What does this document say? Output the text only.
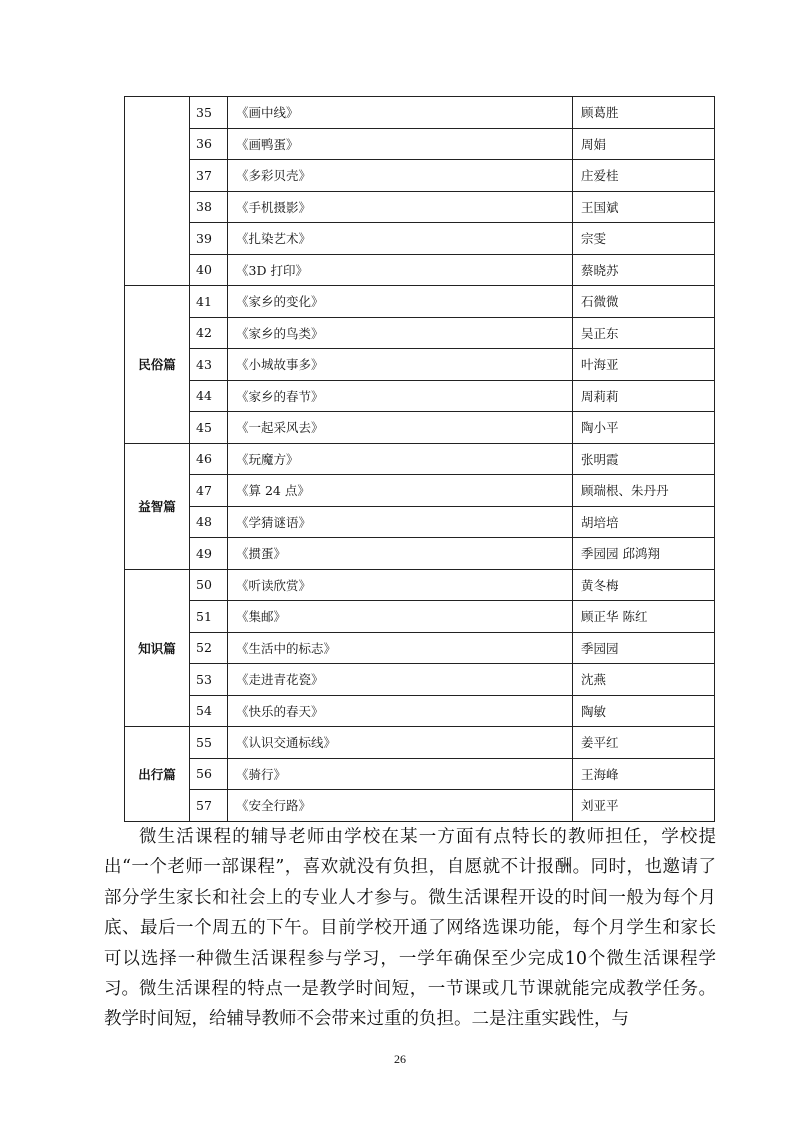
	35	《画中线》	顾葛胜
	36	《画鸭蛋》	周娟
	37	《多彩贝壳》	庄爱桂
	38	《手机摄影》	王国斌
	39	《扎染艺术》	宗雯
	40	《3D 打印》	蔡晓苏
民俗篇	41	《家乡的变化》	石微微
	42	《家乡的鸟类》	吴正东
	43	《小城故事多》	叶海亚
	44	《家乡的春节》	周莉莉
	45	《一起采风去》	陶小平
益智篇	46	《玩魔方》	张明霞
	47	《算 24 点》	顾瑞根、朱丹丹
	48	《学猜谜语》	胡培培
	49	《掼蛋》	季园园 邱鸿翔
知识篇	50	《听读欣赏》	黄冬梅
	51	《集邮》	顾正华 陈红
	52	《生活中的标志》	季园园
	53	《走进青花瓷》	沈燕
	54	《快乐的春天》	陶敏
出行篇	55	《认识交通标线》	姜平红
	56	《骑行》	王海峰
	57	《安全行路》	刘亚平

微生活课程的辅导老师由学校在某一方面有点特长的教师担任，学校提出“一个老师一部课程”，喜欢就没有负担，自愿就不计报酬。同时，也邀请了部分学生家长和社会上的专业人才参与。微生活课程开设的时间一般为每个月底、最后一个周五的下午。目前学校开通了网络选课功能，每个月学生和家长可以选择一种微生活课程参与学习，一学年确保至少完成10个微生活课程学习。 微生活课程的特点一是教学时间短，一节课或几节课就能完成教学任务。教学时间短，给辅导教师不会带来过重的负担。二是注重实践性，与

26
